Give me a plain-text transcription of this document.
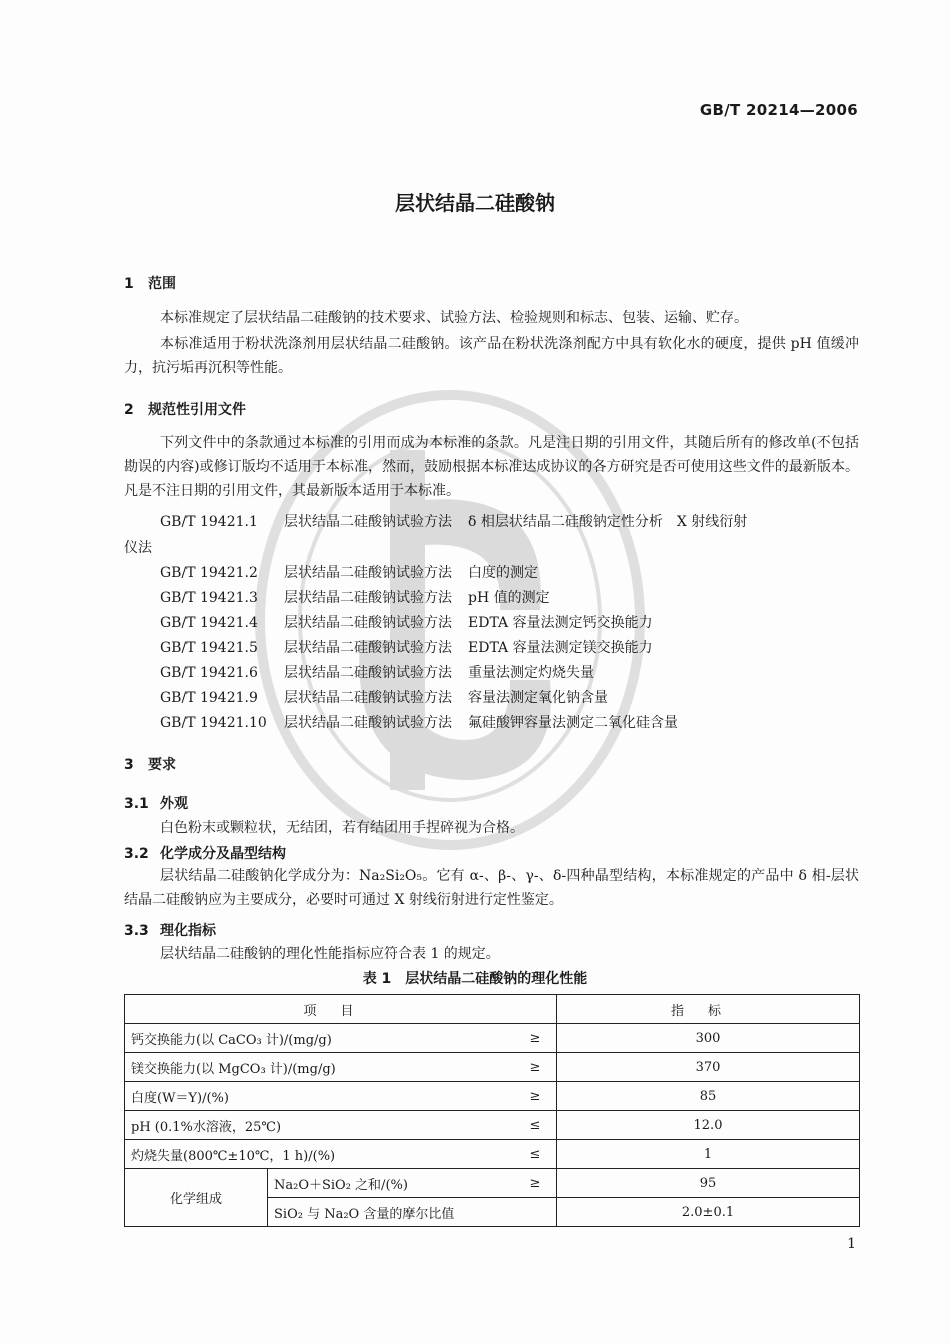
GB/T 20214—2006
层状结晶二硅酸钠
1 范围
本标准规定了层状结晶二硅酸钠的技术要求、试验方法、检验规则和标志、包装、运输、贮存。
本标准适用于粉状洗涤剂用层状结晶二硅酸钠。该产品在粉状洗涤剂配方中具有软化水的硬度，提供 pH 值缓冲力，抗污垢再沉积等性能。
2 规范性引用文件
下列文件中的条款通过本标准的引用而成为本标准的条款。凡是注日期的引用文件，其随后所有的修改单(不包括勘误的内容)或修订版均不适用于本标准，然而，鼓励根据本标准达成协议的各方研究是否可使用这些文件的最新版本。凡是不注日期的引用文件，其最新版本适用于本标准。
GB/T 19421.1 层状结晶二硅酸钠试验方法 δ 相层状结晶二硅酸钠定性分析　X 射线衍射
仪法
GB/T 19421.2 层状结晶二硅酸钠试验方法 白度的测定
GB/T 19421.3 层状结晶二硅酸钠试验方法 pH 值的测定
GB/T 19421.4 层状结晶二硅酸钠试验方法 EDTA 容量法测定钙交换能力
GB/T 19421.5 层状结晶二硅酸钠试验方法 EDTA 容量法测定镁交换能力
GB/T 19421.6 层状结晶二硅酸钠试验方法 重量法测定灼烧失量
GB/T 19421.9 层状结晶二硅酸钠试验方法 容量法测定氧化钠含量
GB/T 19421.10 层状结晶二硅酸钠试验方法 氟硅酸钾容量法测定二氧化硅含量
3 要求
3.1 外观
白色粉末或颗粒状，无结团，若有结团用手捏碎视为合格。
3.2 化学成分及晶型结构
层状结晶二硅酸钠化学成分为：Na₂Si₂O₅。它有 α-、β-、γ-、δ-四种晶型结构，本标准规定的产品中 δ 相-层状结晶二硅酸钠应为主要成分，必要时可通过 X 射线衍射进行定性鉴定。
3.3 理化指标
层状结晶二硅酸钠的理化性能指标应符合表 1 的规定。
表 1　层状结晶二硅酸钠的理化性能
项目			指标
钙交换能力(以 CaCO₃ 计)/(mg/g)		≥	300
镁交换能力(以 MgCO₃ 计)/(mg/g)		≥	370
白度(W＝Y)/(%)		≥	85
pH (0.1%水溶液，25℃)		≤	12.0
灼烧失量(800℃±10℃，1 h)/(%)		≤	1
化学组成	Na₂O＋SiO₂ 之和/(%)	≥	95
	SiO₂ 与 Na₂O 含量的摩尔比值		2.0±0.1
1
